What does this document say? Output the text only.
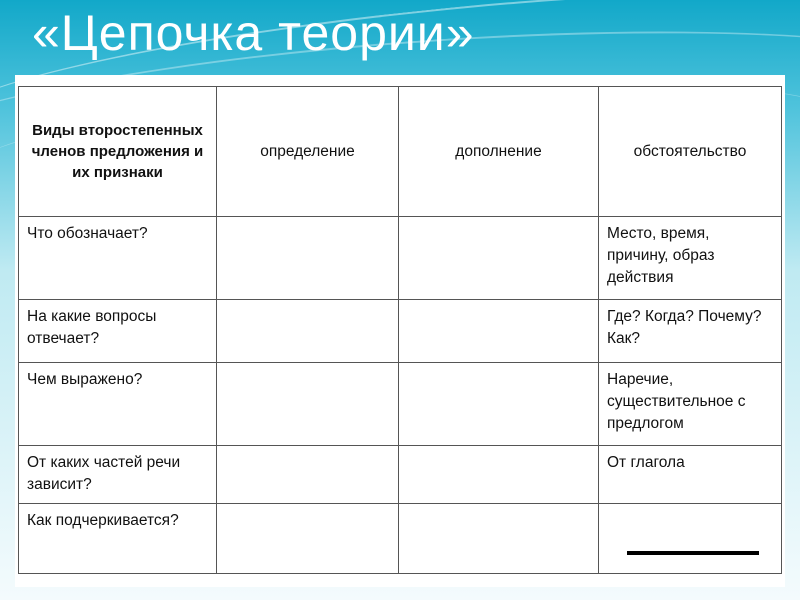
«Цепочка теории»
Виды второстепенных членов предложения и их признаки	определение	дополнение	обстоятельство
Что обозначает?			Место, время, причину, образ действия
На какие вопросы отвечает?			Где? Когда? Почему? Как?
Чем выражено?			Наречие, существительное с предлогом
От каких частей речи зависит?			От глагола
Как подчеркивается?			
